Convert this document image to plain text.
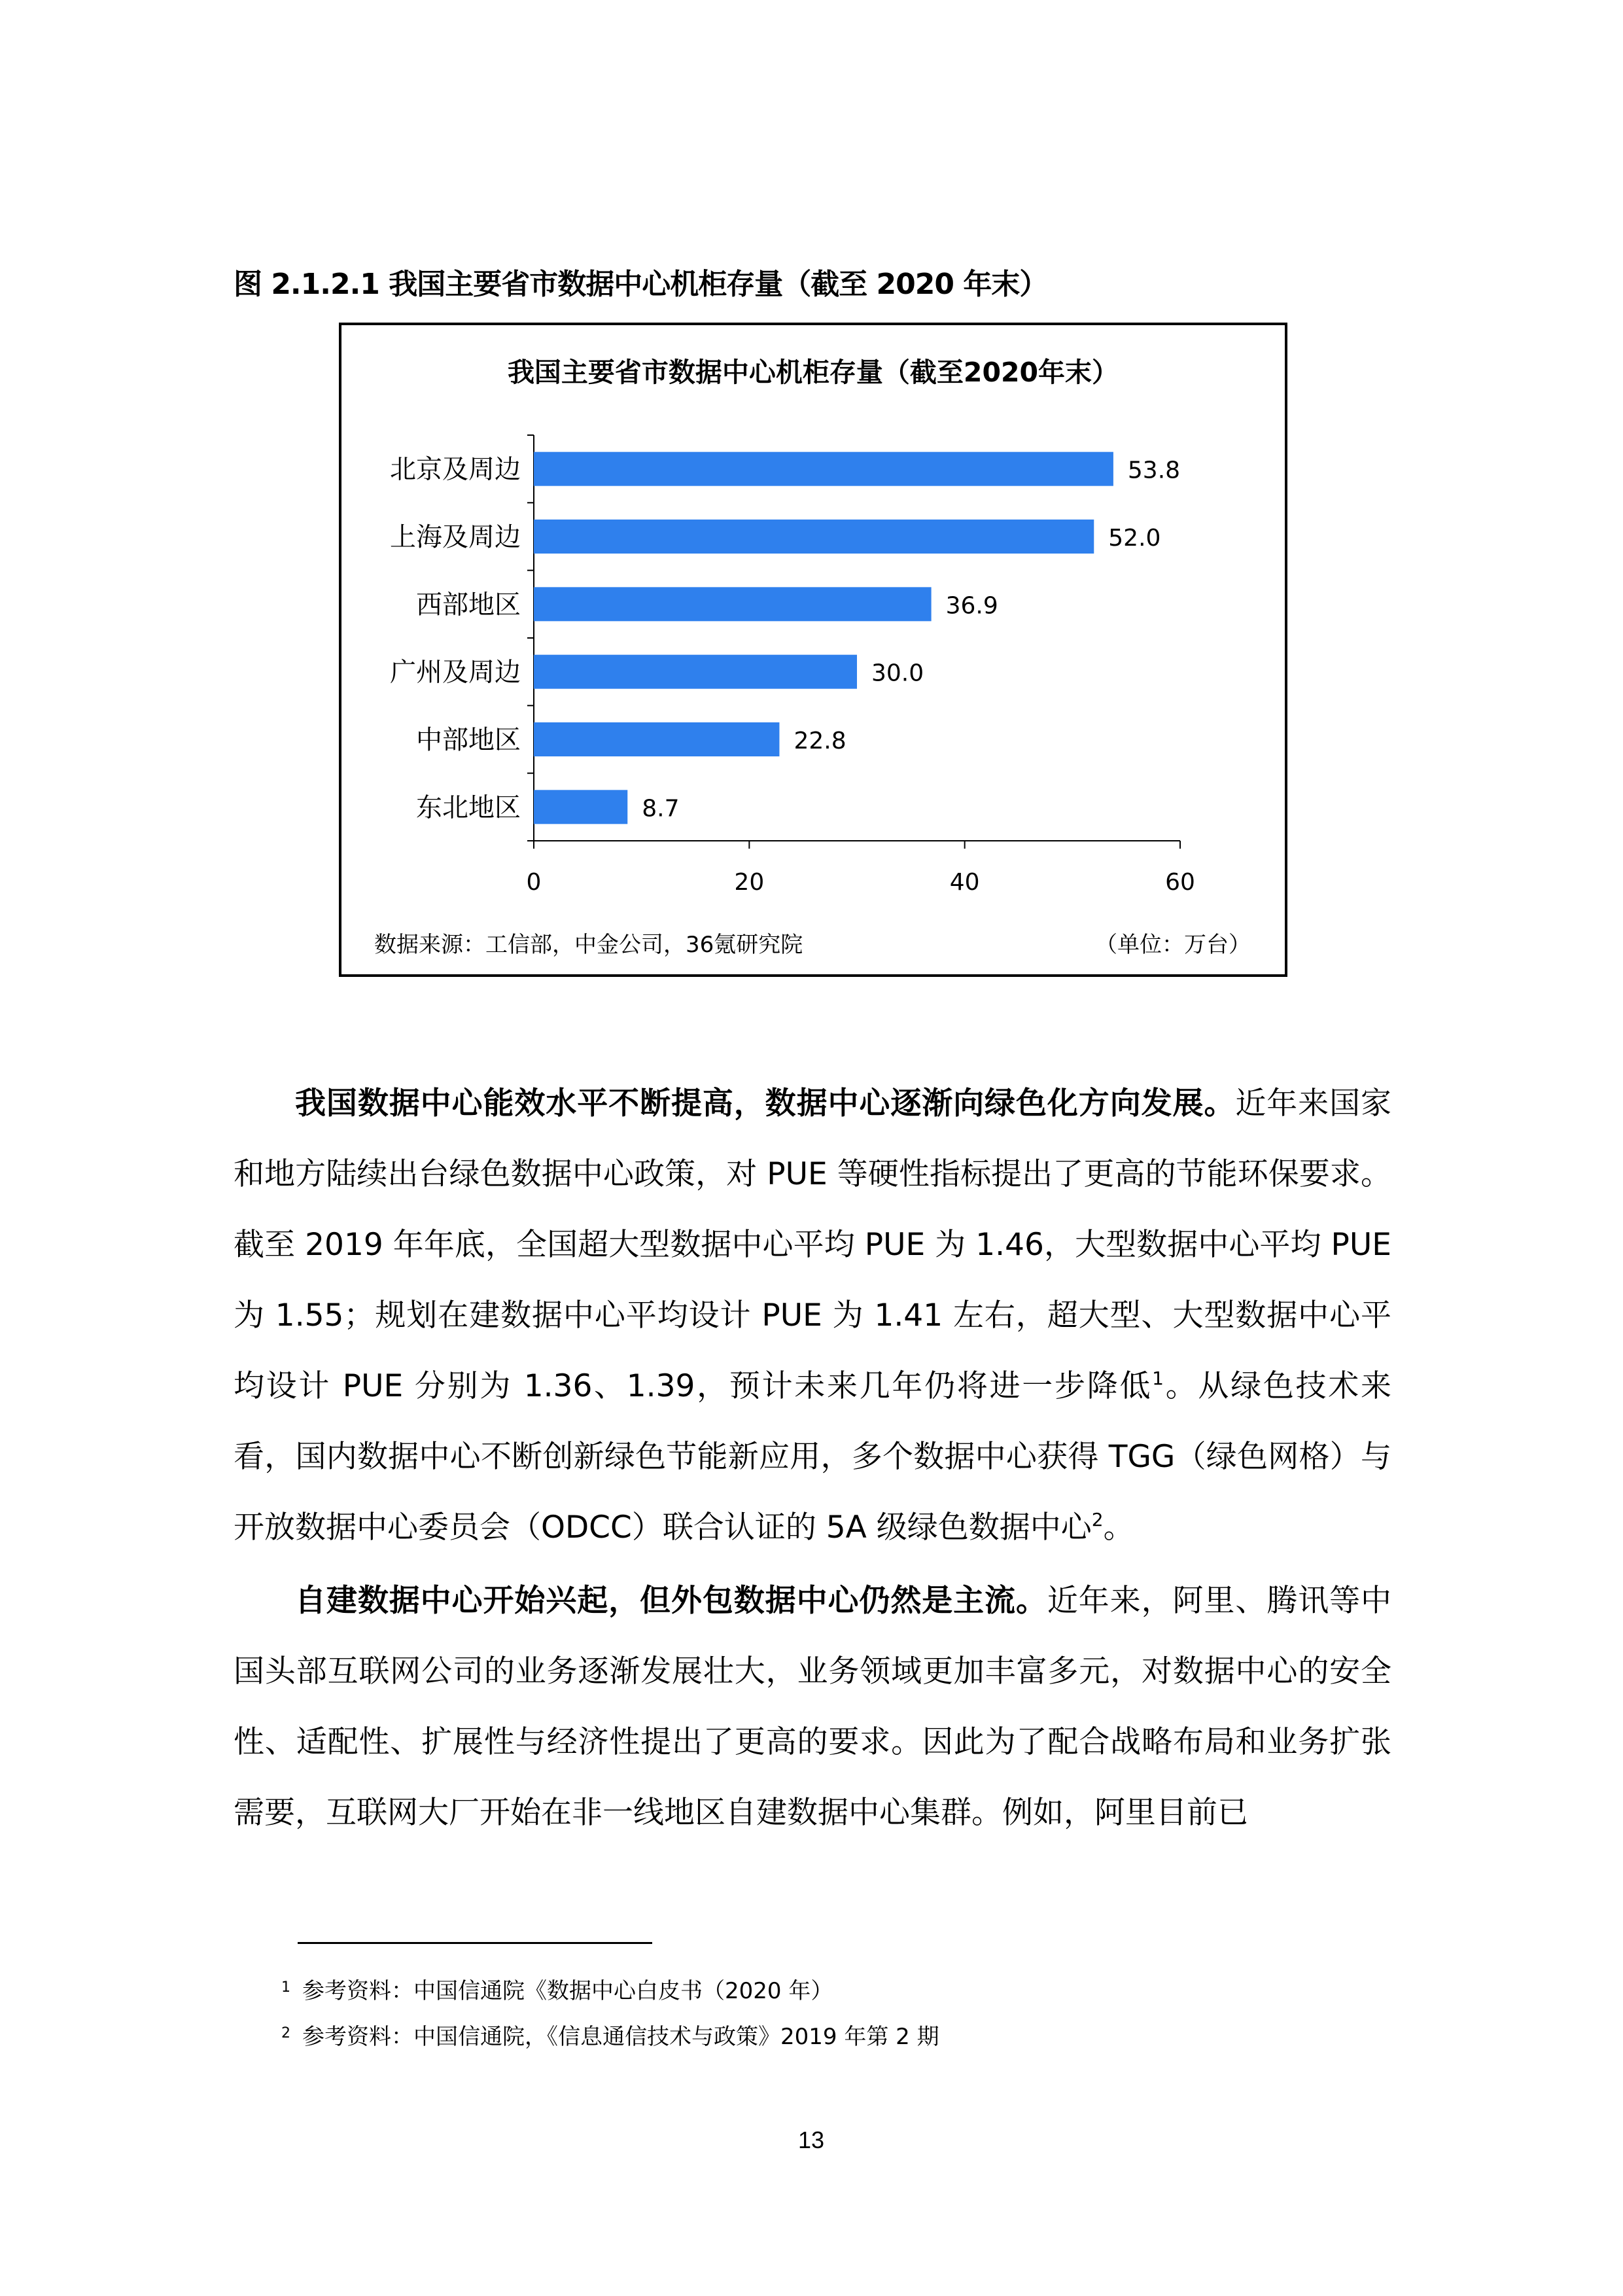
图 2.1.2.1 我国主要省市数据中心机柜存量（截至 2020 年末）
我国主要省市数据中心机柜存量（截至2020年末）
北京及周边	53.8
上海及周边	52.0
西部地区	36.9
广州及周边	30.0
中部地区	22.8
东北地区	8.7
0	20	40	60
数据来源：工信部，中金公司，36氪研究院	（单位：万台）

我国数据中心能效水平不断提高，数据中心逐渐向绿色化方向发展。近年来国家和地方陆续出台绿色数据中心政策，对 PUE 等硬性指标提出了更高的节能环保要求。截至 2019 年年底，全国超大型数据中心平均 PUE 为 1.46，大型数据中心平均 PUE 为 1.55；规划在建数据中心平均设计 PUE 为 1.41 左右，超大型、大型数据中心平均设计 PUE 分别为 1.36、1.39，预计未来几年仍将进一步降低$^1$。从绿色技术来看，国内数据中心不断创新绿色节能新应用，多个数据中心获得 TGG（绿色网格）与开放数据中心委员会（ODCC）联合认证的 5A 级绿色数据中心$^2$。

自建数据中心开始兴起，但外包数据中心仍然是主流。近年来，阿里、腾讯等中国头部互联网公司的业务逐渐发展壮大，业务领域更加丰富多元，对数据中心的安全性、适配性、扩展性与经济性提出了更高的要求。因此为了配合战略布局和业务扩张需要，互联网大厂开始在非一线地区自建数据中心集群。例如，阿里目前已

$^1$ 参考资料：中国信通院《数据中心白皮书（2020 年）
$^2$ 参考资料：中国信通院，《信息通信技术与政策》2019 年第 2 期
13
